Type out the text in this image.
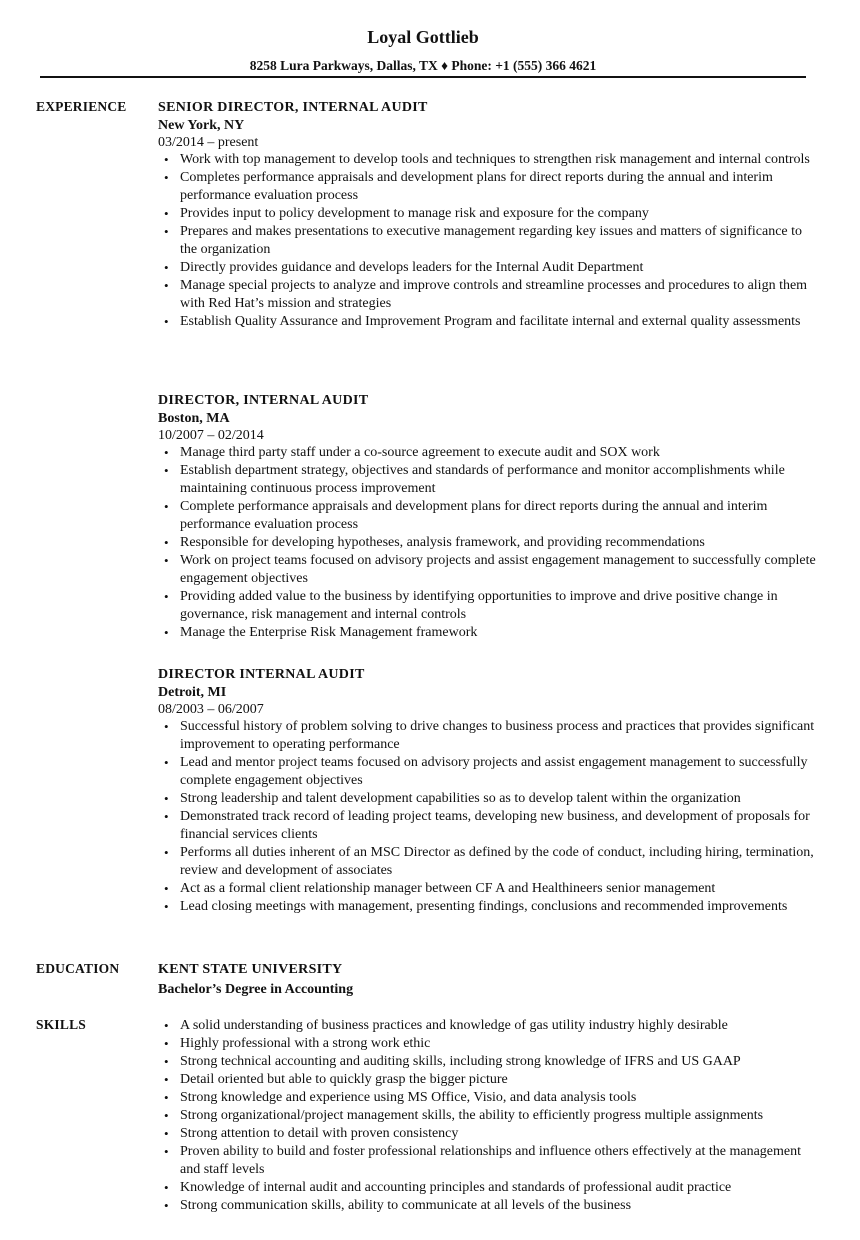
Loyal Gottlieb
8258 Lura Parkways, Dallas, TX ♦ Phone: +1 (555) 366 4621
EXPERIENCE SENIOR DIRECTOR, INTERNAL AUDIT
New York, NY
03/2014 – present
• Work with top management to develop tools and techniques to strengthen risk management and internal controls
• Completes performance appraisals and development plans for direct reports during the annual and interim performance evaluation process
• Provides input to policy development to manage risk and exposure for the company
• Prepares and makes presentations to executive management regarding key issues and matters of significance to the organization
• Directly provides guidance and develops leaders for the Internal Audit Department
• Manage special projects to analyze and improve controls and streamline processes and procedures to align them with Red Hat’s mission and strategies
• Establish Quality Assurance and Improvement Program and facilitate internal and external quality assessments
DIRECTOR, INTERNAL AUDIT
Boston, MA
10/2007 – 02/2014
• Manage third party staff under a co-source agreement to execute audit and SOX work
• Establish department strategy, objectives and standards of performance and monitor accomplishments while maintaining continuous process improvement
• Complete performance appraisals and development plans for direct reports during the annual and interim performance evaluation process
• Responsible for developing hypotheses, analysis framework, and providing recommendations
• Work on project teams focused on advisory projects and assist engagement management to successfully complete engagement objectives
• Providing added value to the business by identifying opportunities to improve and drive positive change in governance, risk management and internal controls
• Manage the Enterprise Risk Management framework
DIRECTOR INTERNAL AUDIT
Detroit, MI
08/2003 – 06/2007
• Successful history of problem solving to drive changes to business process and practices that provides significant improvement to operating performance
• Lead and mentor project teams focused on advisory projects and assist engagement management to successfully complete engagement objectives
• Strong leadership and talent development capabilities so as to develop talent within the organization
• Demonstrated track record of leading project teams, developing new business, and development of proposals for financial services clients
• Performs all duties inherent of an MSC Director as defined by the code of conduct, including hiring, termination, review and development of associates
• Act as a formal client relationship manager between CF A and Healthineers senior management
• Lead closing meetings with management, presenting findings, conclusions and recommended improvements
EDUCATION	KENT STATE UNIVERSITY
Bachelor’s Degree in Accounting
SKILLS	• A solid understanding of business practices and knowledge of gas utility industry highly desirable
• Highly professional with a strong work ethic
• Strong technical accounting and auditing skills, including strong knowledge of IFRS and US GAAP
• Detail oriented but able to quickly grasp the bigger picture
• Strong knowledge and experience using MS Office, Visio, and data analysis tools
• Strong organizational/project management skills, the ability to efficiently progress multiple assignments
• Strong attention to detail with proven consistency
• Proven ability to build and foster professional relationships and influence others effectively at the management and staff levels
• Knowledge of internal audit and accounting principles and standards of professional audit practice
• Strong communication skills, ability to communicate at all levels of the business
